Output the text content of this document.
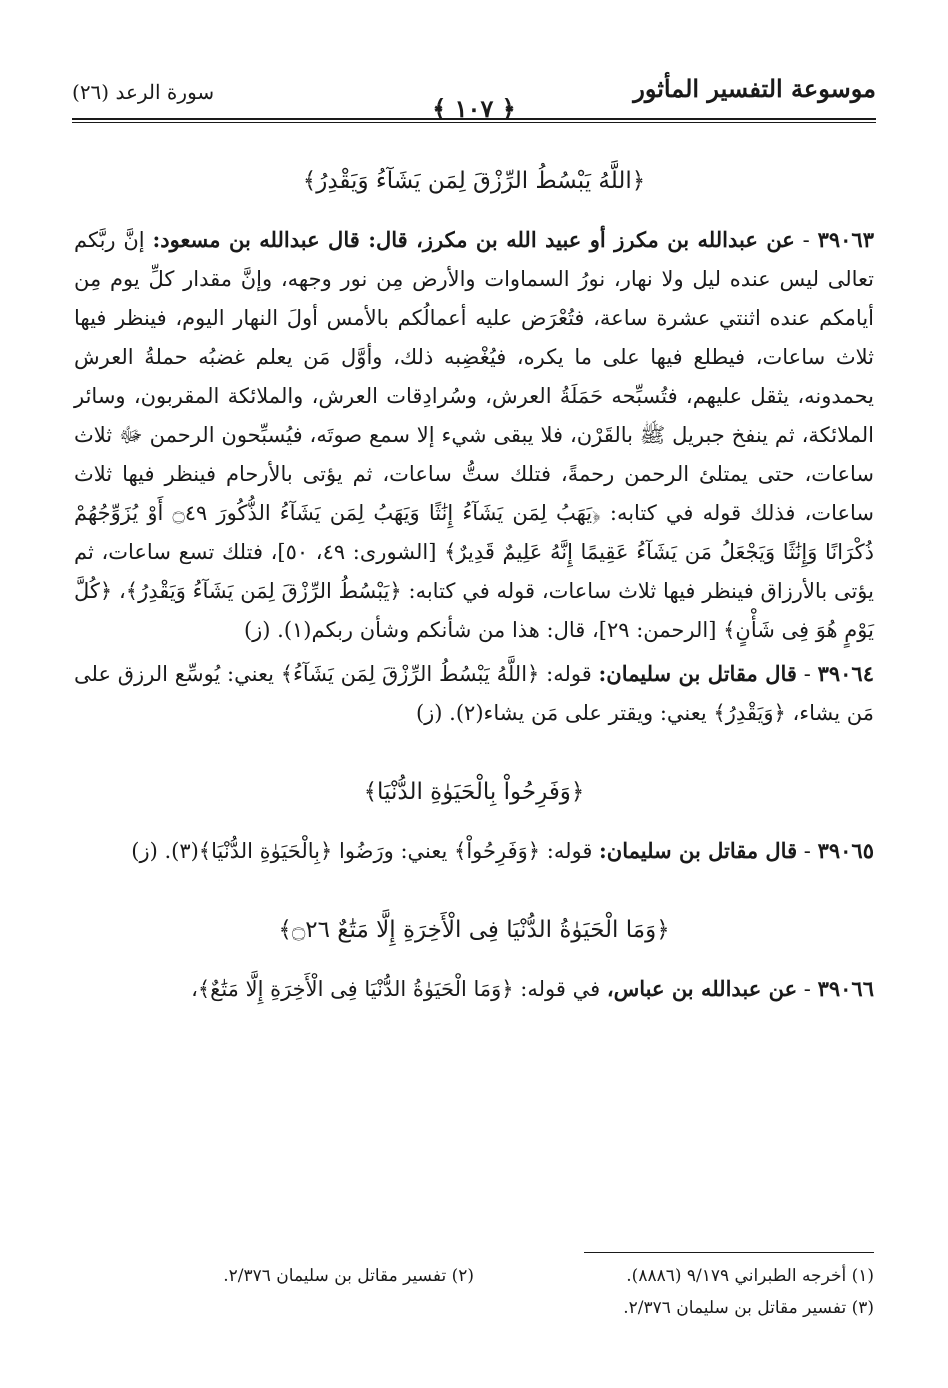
موسوعة التفسير المأثور
﴿ ١٠٧ ﴾
سورة الرعد (٢٦)
﴿اللَّهُ يَبْسُطُ الرِّزْقَ لِمَن يَشَآءُ وَيَقْدِرُ﴾

٣٩٠٦٣ - عن عبدالله بن مكرز أو عبيد الله بن مكرز، قال: قال عبدالله بن مسعود: إنَّ ربَّكم تعالى ليس عنده ليل ولا نهار، نورُ السماوات والأرض مِن نور وجهه، وإنَّ مقدار كلِّ يوم مِن أيامكم عنده اثنتي عشرة ساعة، فتُعْرَض عليه أعمالُكم بالأمس أولَ النهار اليوم، فينظر فيها ثلاث ساعات، فيطلع فيها على ما يكره، فيُغْضِبه ذلك، وأوَّل مَن يعلم غضبُه حملةُ العرش يحمدونه، يثقل عليهم، فتُسبِّحه حَمَلَةُ العرش، وسُرادِقات العرش، والملائكة المقربون، وسائر الملائكة، ثم ينفخ جبريل ﷺ بالقَرْن، فلا يبقى شيء إلا سمع صوتَه، فيُسبِّحون الرحمن ﷻ ثلاث ساعات، حتى يمتلئ الرحمن رحمةً، فتلك ستُّ ساعات، ثم يؤتى بالأرحام فينظر فيها ثلاث ساعات، فذلك قوله في كتابه: ﴿يَهَبُ لِمَن يَشَآءُ إِنَٰثًا وَيَهَبُ لِمَن يَشَآءُ الذُّكُورَ ۝٤٩ أَوْ يُزَوِّجُهُمْ ذُكْرَانًا وَإِنَٰثًا وَيَجْعَلُ مَن يَشَآءُ عَقِيمًا إِنَّهُ عَلِيمٌ قَدِيرٌ﴾ [الشورى: ٤٩، ٥٠]، فتلك تسع ساعات، ثم يؤتى بالأرزاق فينظر فيها ثلاث ساعات، قوله في كتابه: ﴿يَبْسُطُ الرِّزْقَ لِمَن يَشَآءُ وَيَقْدِرُ﴾، ﴿كُلَّ يَوْمٍ هُوَ فِى شَأْنٍ﴾ [الرحمن: ٢٩]، قال: هذا من شأنكم وشأن ربكم(١). (ز)

٣٩٠٦٤ - قال مقاتل بن سليمان: قوله: ﴿اللَّهُ يَبْسُطُ الرِّزْقَ لِمَن يَشَآءُ﴾ يعني: يُوسِّع الرزق على مَن يشاء، ﴿وَيَقْدِرُ﴾ يعني: ويقتر على مَن يشاء(٢). (ز)

﴿وَفَرِحُواْ بِالْحَيَوٰةِ الدُّنْيَا﴾

٣٩٠٦٥ - قال مقاتل بن سليمان: قوله: ﴿وَفَرِحُواْ﴾ يعني: ورَضُوا ﴿بِالْحَيَوٰةِ الدُّنْيَا﴾(٣). (ز)

﴿وَمَا الْحَيَوٰةُ الدُّنْيَا فِى الْأَخِرَةِ إِلَّا مَتَٰعٌ ۝٢٦﴾

٣٩٠٦٦ - عن عبدالله بن عباس، في قوله: ﴿وَمَا الْحَيَوٰةُ الدُّنْيَا فِى الْأَخِرَةِ إِلَّا مَتَٰعٌ﴾،

(١) أخرجه الطبراني ٩/١٧٩ (٨٨٨٦).
(٢) تفسير مقاتل بن سليمان ٢/٣٧٦.
(٣) تفسير مقاتل بن سليمان ٢/٣٧٦.
